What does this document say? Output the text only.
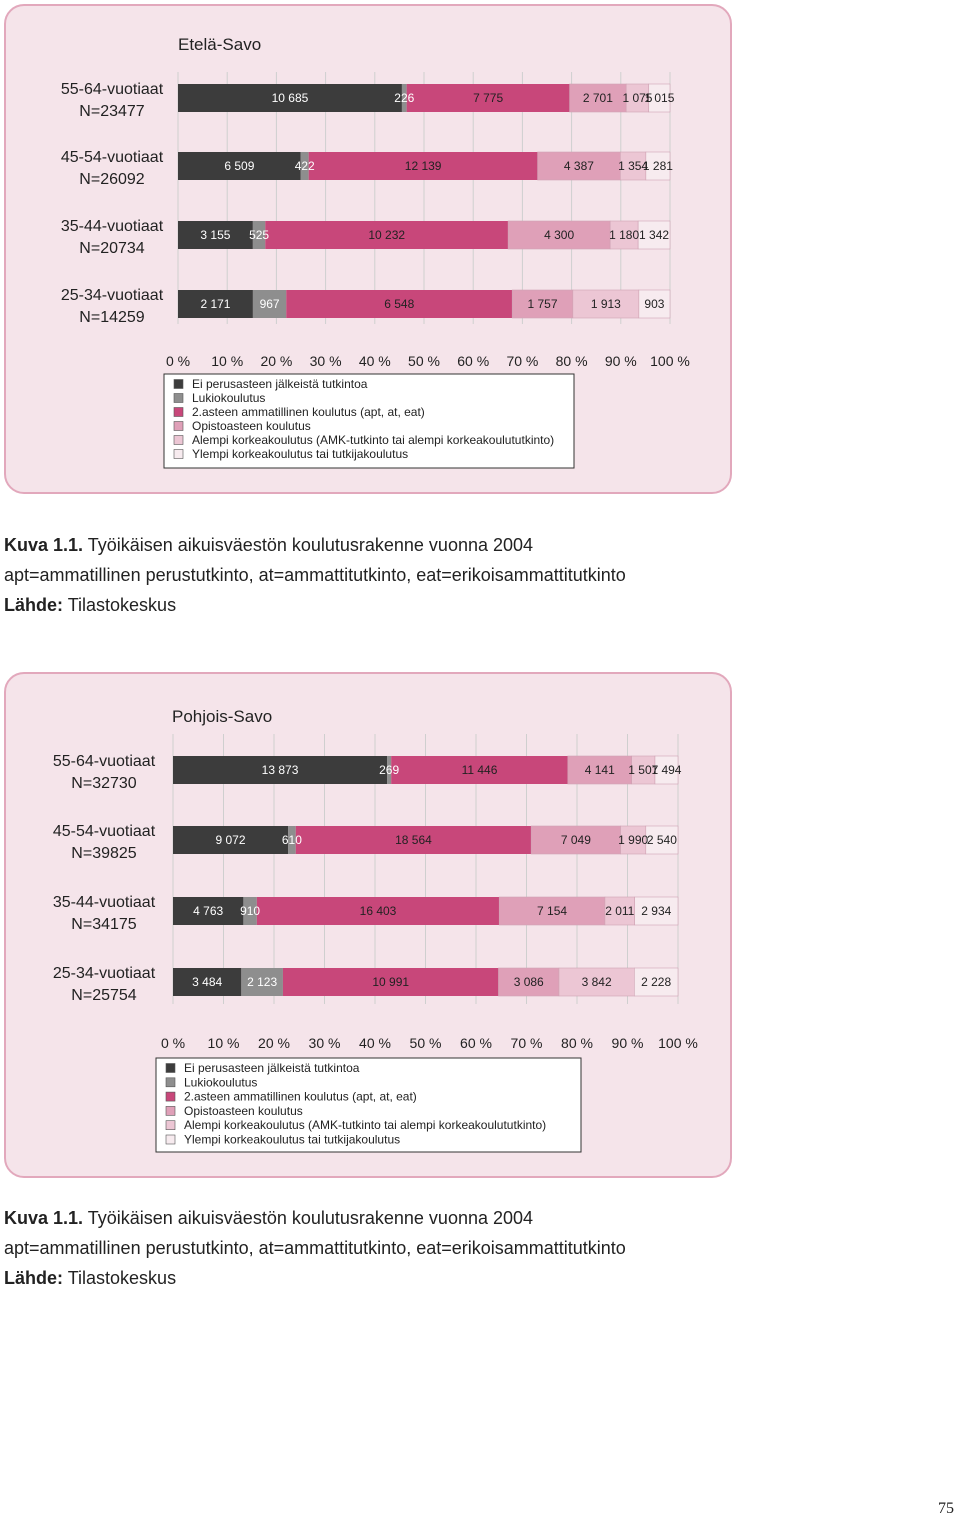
Etelä-Savo
55-64-vuotiaat
N=23477
10 685	226	7 775	2 701 1 075
1 015
45-54-vuotiaat
N=26092
6 509	422	12 139	4 387 1 354
1 281
35-44-vuotiaat
N=20734
3 155 525	10 232	4 300	1 180 1 342
25-34-vuotiaat
N=14259
2 171 967	6 548	1 757	1 913 903
0 % 10 % 20 % 30 % 40 % 50 % 60 % 70 % 80 % 90 % 100 %
Ei perusasteen jälkeistä tutkintoa
Lukiokoulutus
2.asteen ammatillinen koulutus (apt, at, eat)
Opistoasteen koulutus
Alempi korkeakoulutus (AMK-tutkinto tai alempi korkeakoulututkinto)
Ylempi korkeakoulutus tai tutkijakoulutus

Kuva 1.1. Työikäisen aikuisväestön koulutusrakenne vuonna 2004

apt=ammatillinen perustutkinto, at=ammattitutkinto, eat=erikoisammattitutkinto

Lähde: Tilastokeskus

Pohjois-Savo
55-64-vuotiaat
N=32730
13 873	269	11 446	4 141 1 507
1 494
45-54-vuotiaat
N=39825
9 072	610	18 564	7 049 1 990
2 540
35-44-vuotiaat
N=34175
4 763 910	16 403	7 154	2 011 2 934
25-34-vuotiaat
N=25754
3 484 2 123	10 991	3 086	3 842 2 228
0 % 10 % 20 % 30 % 40 % 50 % 60 % 70 % 80 % 90 % 100 %
Ei perusasteen jälkeistä tutkintoa
Lukiokoulutus
2.asteen ammatillinen koulutus (apt, at, eat)
Opistoasteen koulutus
Alempi korkeakoulutus (AMK-tutkinto tai alempi korkeakoulututkinto)
Ylempi korkeakoulutus tai tutkijakoulutus

Kuva 1.1. Työikäisen aikuisväestön koulutusrakenne vuonna 2004

apt=ammatillinen perustutkinto, at=ammattitutkinto, eat=erikoisammattitutkinto

Lähde: Tilastokeskus

75
